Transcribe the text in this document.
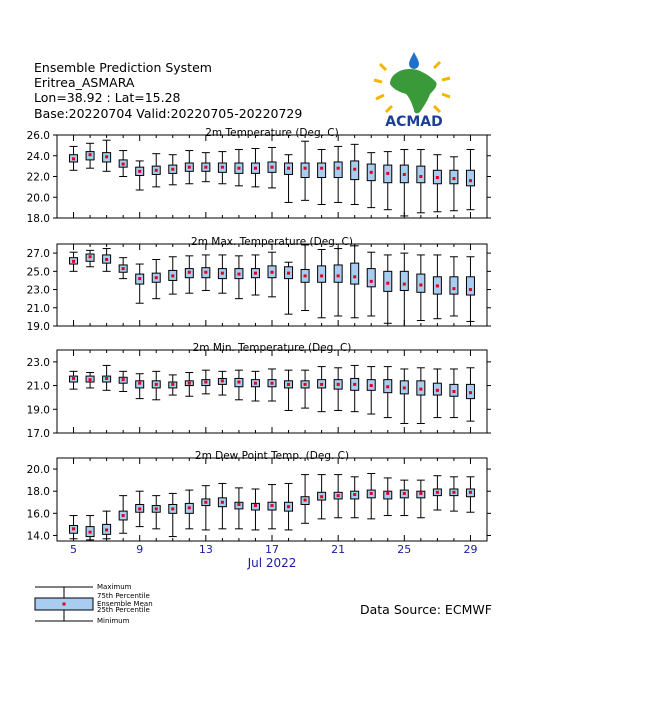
Ensemble Prediction System
Eritrea_ASMARA
Lon=38.92 : Lat=15.28
Base:20220704 Valid:20220705-20220729
ACMAD
2m Temperature (Deg. C)
18.0
20.0
22.0
24.0
26.0
2m Max. Temperature (Deg. C)
19.0
21.0
23.0
25.0
27.0
2m Min. Temperature (Deg. C)
17.0
19.0
21.0
23.0
2m Dew Point Temp. (Deg. C)
14.0
16.0
18.0
20.0
5	9	13	17	21	25	29
Jul 2022
Maximum
75th Percentile
Ensemble Mean
25th Percentile
Minimum
Data Source: ECMWF
